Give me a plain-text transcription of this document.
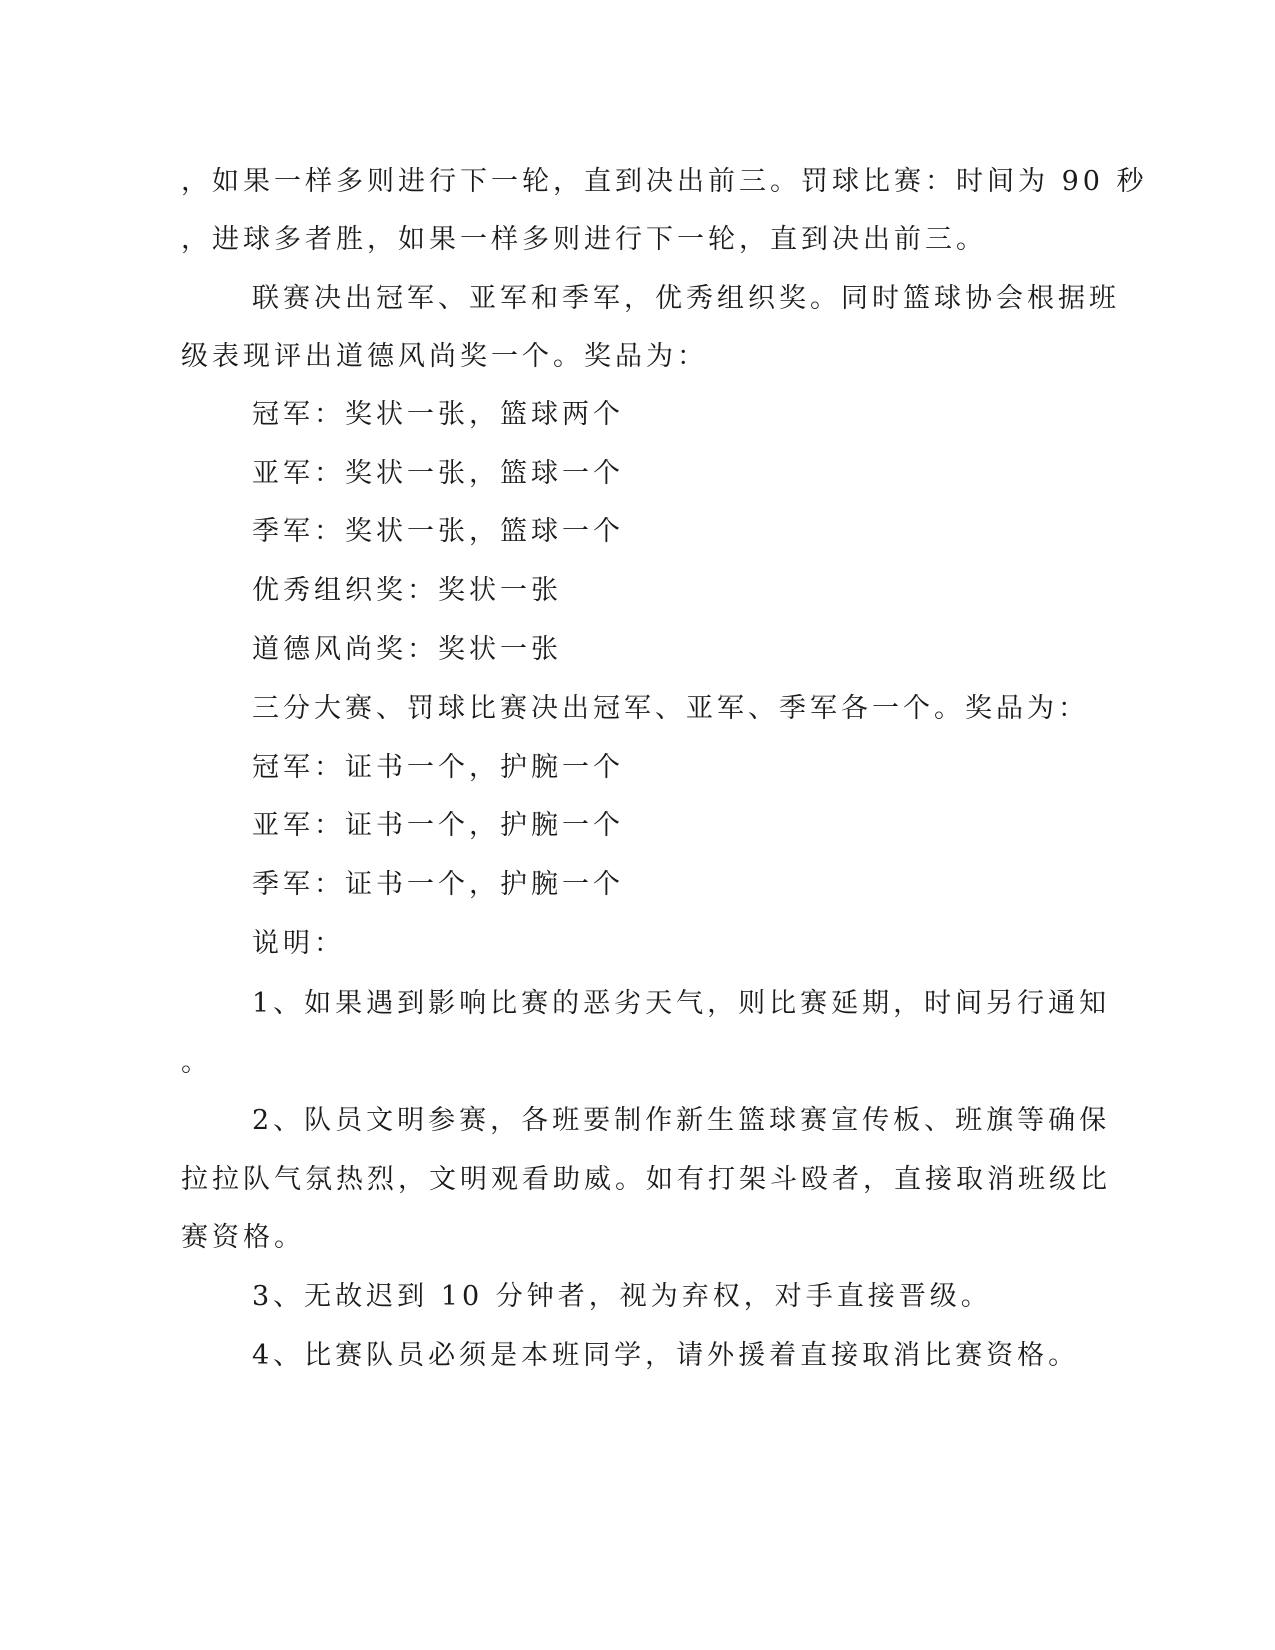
，如果一样多则进行下一轮，直到决出前三。罚球比赛：时间为 90 秒

，进球多者胜，如果一样多则进行下一轮，直到决出前三。

联赛决出冠军、亚军和季军，优秀组织奖。同时篮球协会根据班

级表现评出道德风尚奖一个。奖品为：

冠军：奖状一张，篮球两个

亚军：奖状一张，篮球一个

季军：奖状一张，篮球一个

优秀组织奖：奖状一张

道德风尚奖：奖状一张

三分大赛、罚球比赛决出冠军、亚军、季军各一个。奖品为：

冠军：证书一个，护腕一个

亚军：证书一个，护腕一个

季军：证书一个，护腕一个

说明：

1、如果遇到影响比赛的恶劣天气，则比赛延期，时间另行通知

。

2、队员文明参赛，各班要制作新生篮球赛宣传板、班旗等确保

拉拉队气氛热烈，文明观看助威。如有打架斗殴者，直接取消班级比

赛资格。

3、无故迟到 10 分钟者，视为弃权，对手直接晋级。

4、比赛队员必须是本班同学，请外援着直接取消比赛资格。
